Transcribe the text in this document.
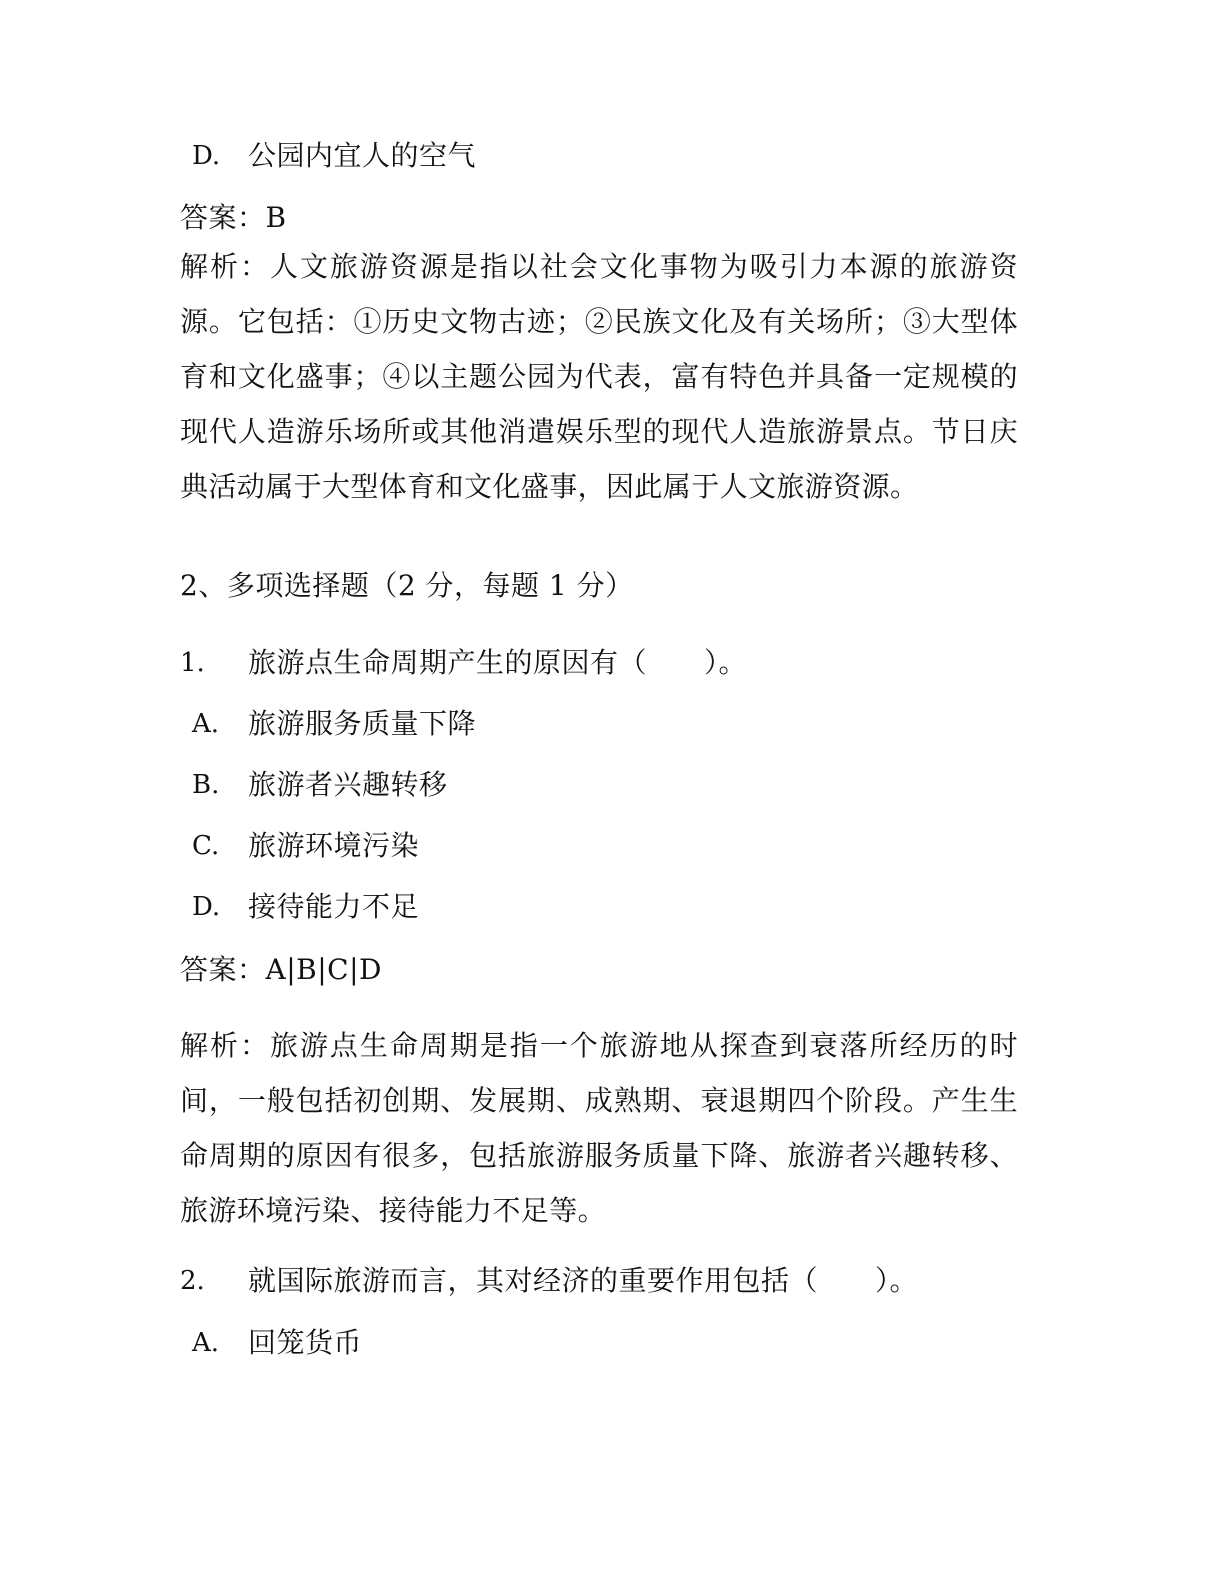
D. 公园内宜人的空气
答案：B
解析：人文旅游资源是指以社会文化事物为吸引力本源的旅游资源。它包括：①历史文物古迹；②民族文化及有关场所；③大型体育和文化盛事；④以主题公园为代表，富有特色并具备一定规模的现代人造游乐场所或其他消遣娱乐型的现代人造旅游景点。节日庆典活动属于大型体育和文化盛事，因此属于人文旅游资源。
2、多项选择题（2 分，每题 1 分）
1. 旅游点生命周期产生的原因有（　　）。
A. 旅游服务质量下降
B. 旅游者兴趣转移
C. 旅游环境污染
D. 接待能力不足
答案：A|B|C|D
解析：旅游点生命周期是指一个旅游地从探查到衰落所经历的时间，一般包括初创期、发展期、成熟期、衰退期四个阶段。产生生命周期的原因有很多，包括旅游服务质量下降、旅游者兴趣转移、旅游环境污染、接待能力不足等。
2. 就国际旅游而言，其对经济的重要作用包括（　　）。
A. 回笼货币
